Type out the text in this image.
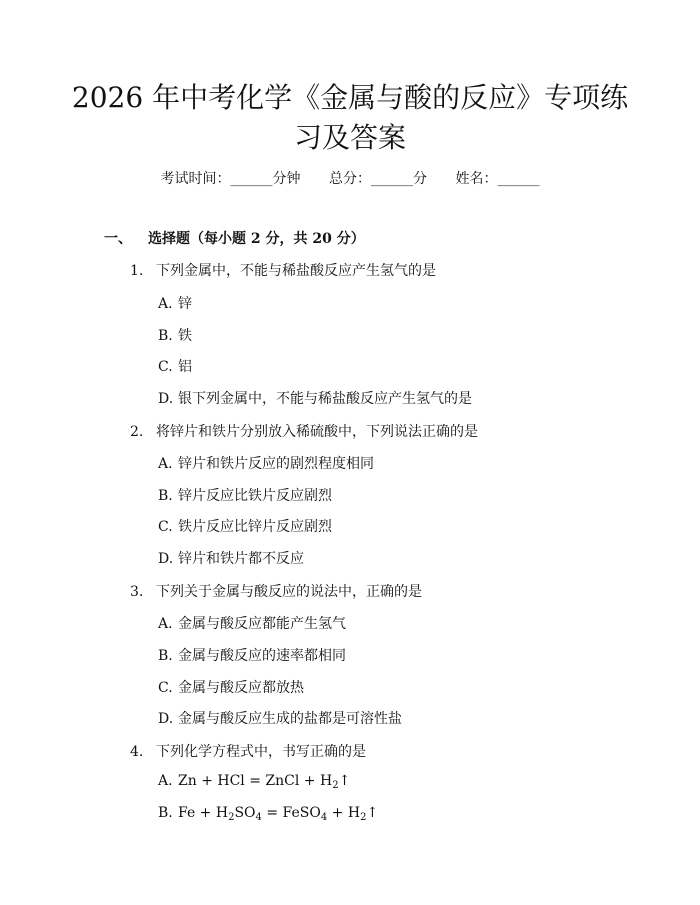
2026 年中考化学《金属与酸的反应》专项练
习及答案
考试时间：______分钟 总分：______分 姓名：______
一、 选择题（每小题 2 分，共 20 分）
1. 下列金属中，不能与稀盐酸反应产生氢气的是
A. 锌
B. 铁
C. 铝
D. 银下列金属中，不能与稀盐酸反应产生氢气的是
2. 将锌片和铁片分别放入稀硫酸中，下列说法正确的是
A. 锌片和铁片反应的剧烈程度相同
B. 锌片反应比铁片反应剧烈
C. 铁片反应比锌片反应剧烈
D. 锌片和铁片都不反应
3. 下列关于金属与酸反应的说法中，正确的是
A. 金属与酸反应都能产生氢气
B. 金属与酸反应的速率都相同
C. 金属与酸反应都放热
D. 金属与酸反应生成的盐都是可溶性盐
4. 下列化学方程式中，书写正确的是
A. Zn + HCl = ZnCl + $H_2↑$
B. $Fe + H_2SO_4$ = FeSO$_4$ + $H_2↑$
